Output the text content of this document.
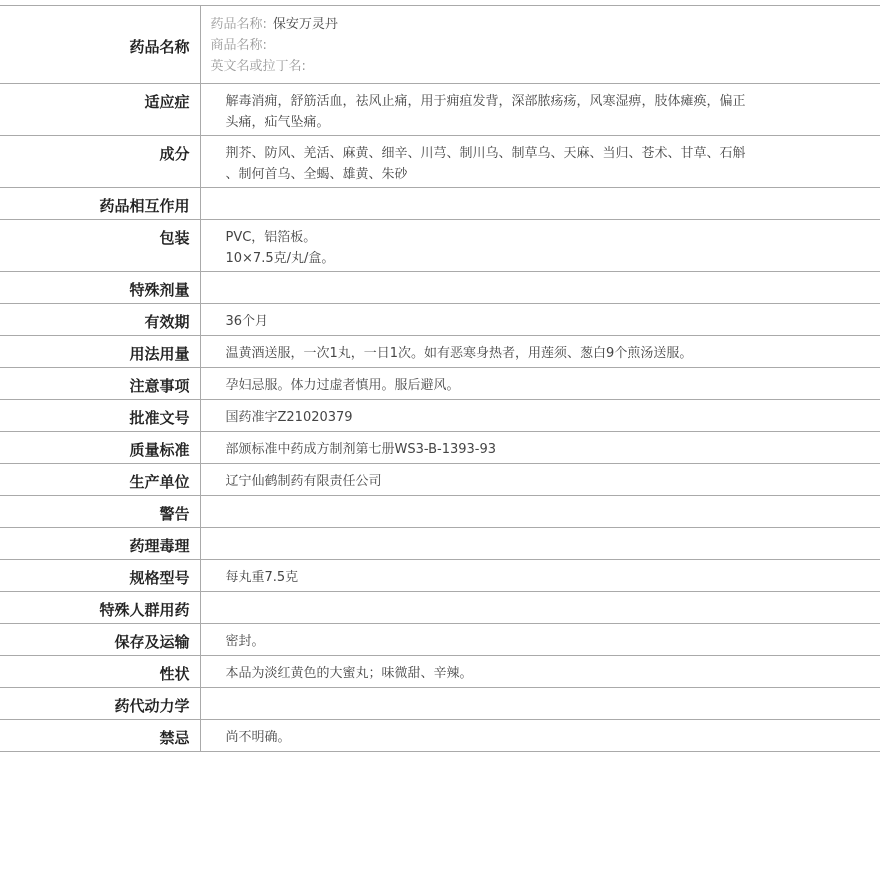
药品名称	药品名称: 保安万灵丹
商品名称:
英文名或拉丁名:

适应症	解毒消痈，舒筋活血，祛风止痛，用于痈疽发背，深部脓疡疡，风寒湿痹，肢体瘫痪，偏正
头痛，疝气坠痛。

成分	荆芥、防风、羌活、麻黄、细辛、川芎、制川乌、制草乌、天麻、当归、苍术、甘草、石斛
、制何首乌、全蝎、雄黄、朱砂

药品相互作用	
包装	PVC，铝箔板。
10×7.5克/丸/盒。

特殊剂量	
有效期	36个月

用法用量	温黄酒送服，一次1丸，一日1次。如有恶寒身热者，用莲须、葱白9个煎汤送服。

注意事项	孕妇忌服。体力过虚者慎用。服后避风。

批准文号	国药准字Z21020379

质量标准	部颁标准中药成方制剂第七册WS3-B-1393-93

生产单位	辽宁仙鹤制药有限责任公司

警告	
药理毒理	
规格型号	每丸重7.5克

特殊人群用药	
保存及运输	密封。

性状	本品为淡红黄色的大蜜丸；味微甜、辛辣。

药代动力学	
禁忌	尚不明确。
